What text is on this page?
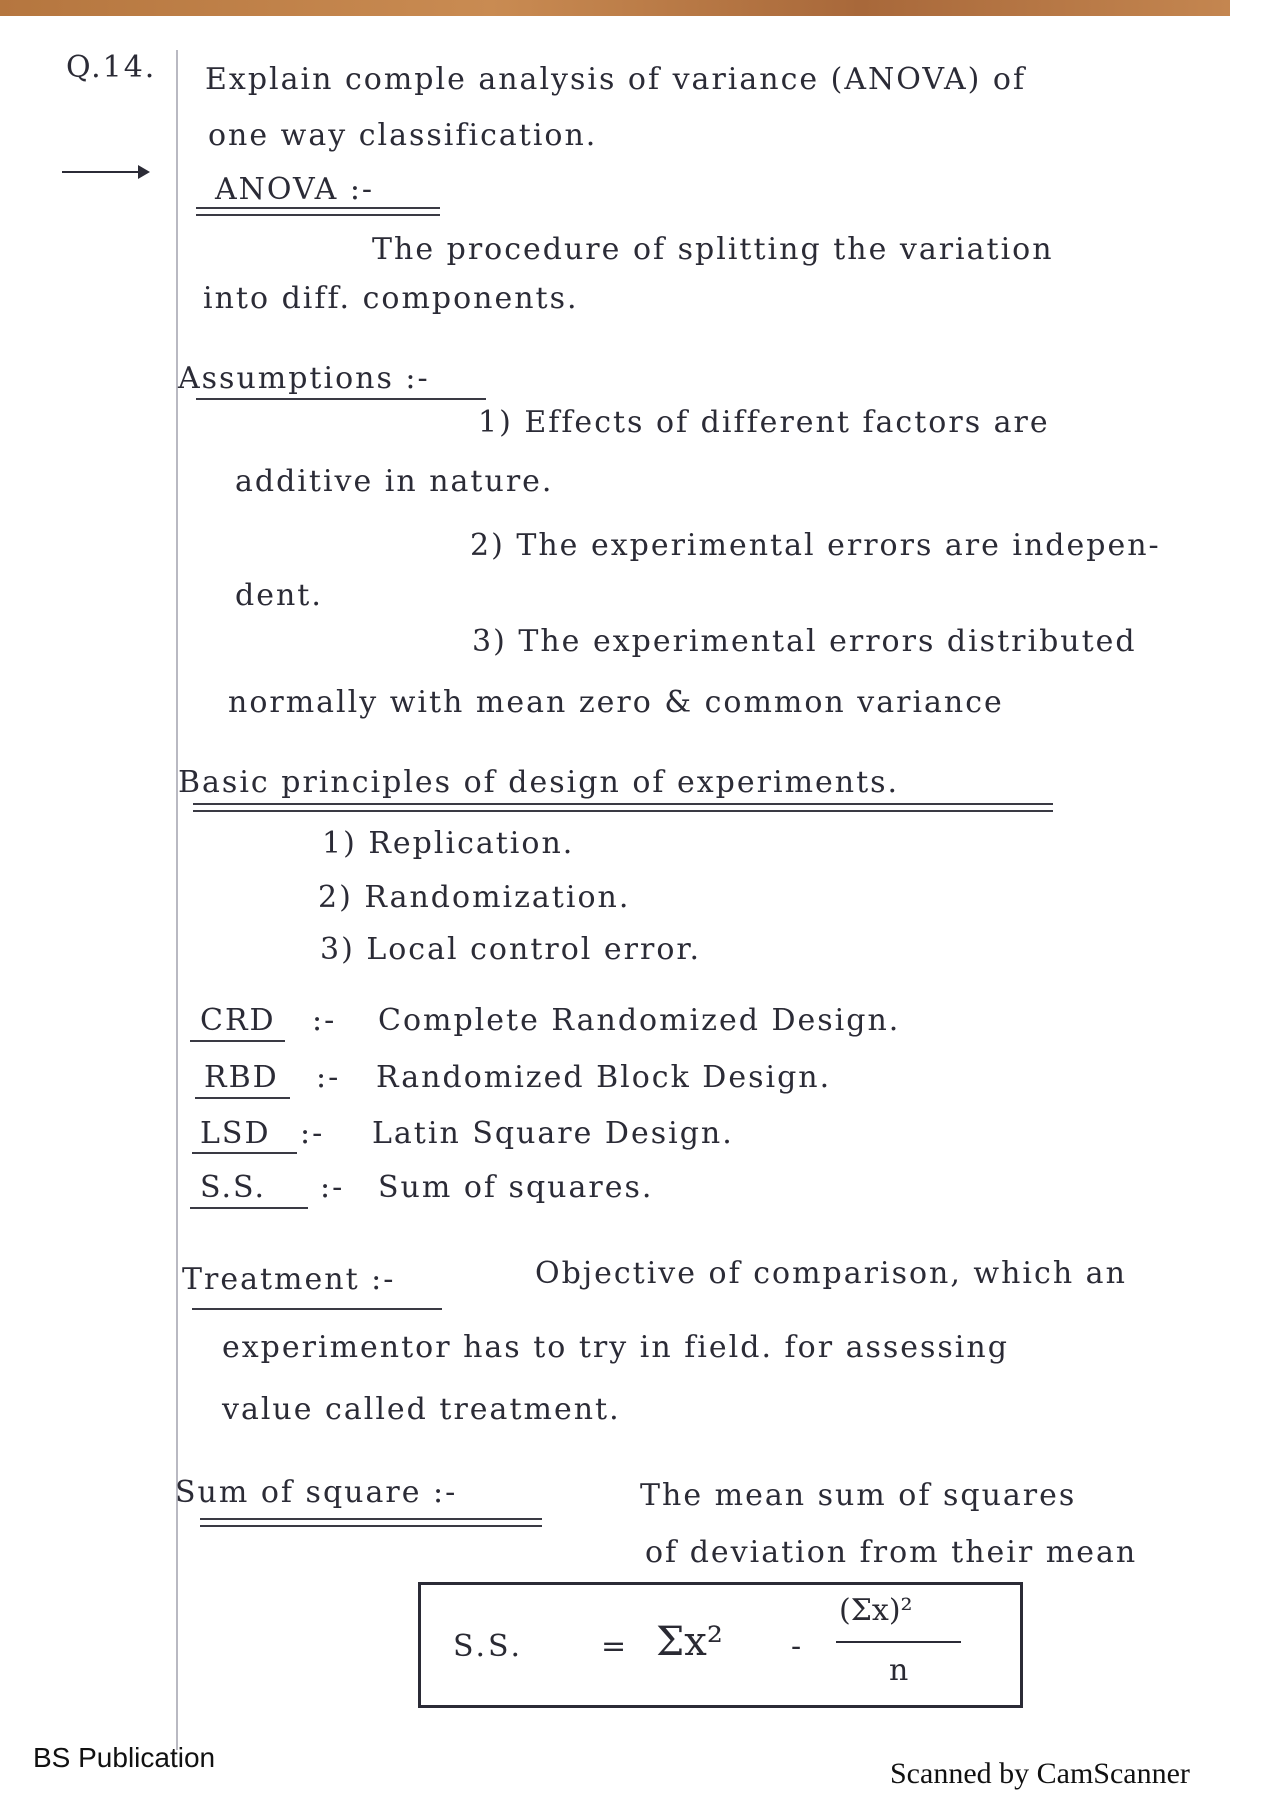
Q.14. Explain comple analysis of variance (ANOVA) of
one way classification.
ANOVA :-
The procedure of splitting the variation
into diff. components.
Assumptions :-
1) Effects of different factors are
additive in nature.
2) The experimental errors are indepen-
dent.
3) The experimental errors distributed
normally with mean zero & common variance
Basic principles of design of experiments.
1) Replication.
2) Randomization.
3) Local control error.
CRD :- Complete Randomized Design.
RBD :- Randomized Block Design.
LSD :- Latin Square Design.
S.S. :- Sum of squares.
Treatment :-	Objective of comparison, which an
experimentor has to try in field. for assessing
value called treatment.
Sum of square :-	The mean sum of squares
of deviation from their mean
S.S.	= Σx² -
(Σx)²
n
BS Publication	Scanned by CamScanner
